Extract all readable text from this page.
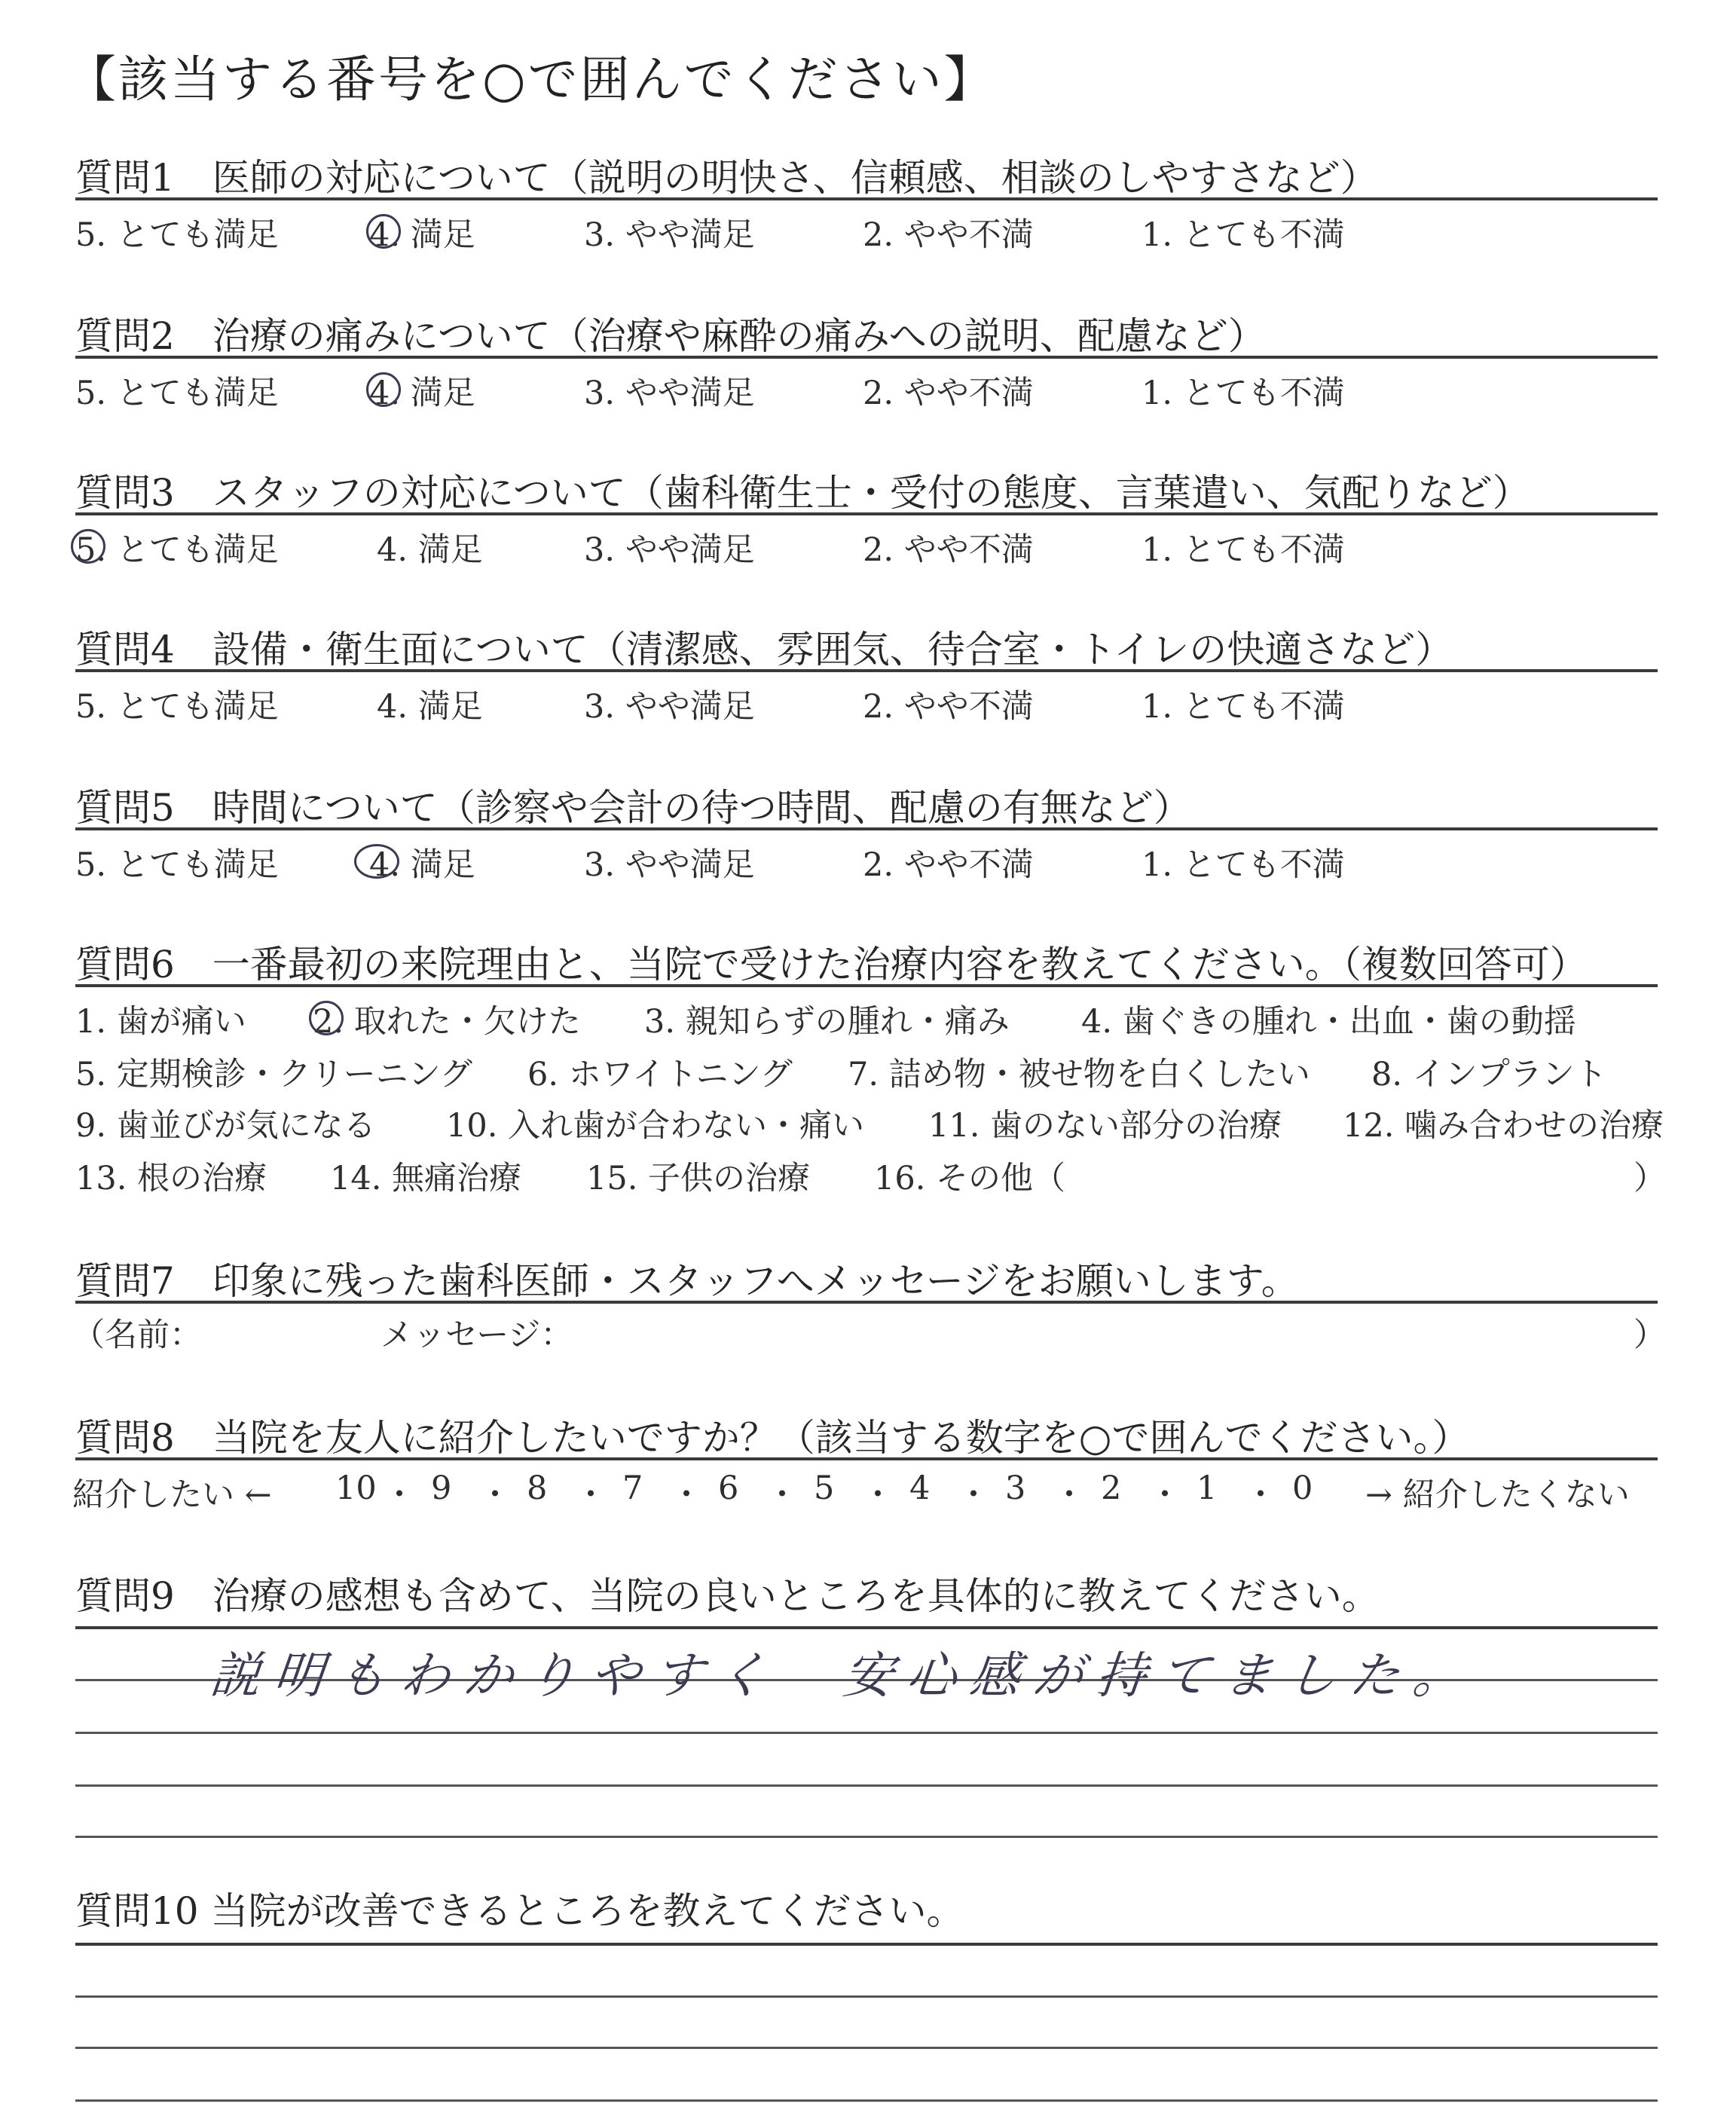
【該当する番号を○で囲んでください】
質問1　医師の対応について（説明の明快さ、信頼感、相談のしやすさなど）
5. とても満足	4. 満足	3. やや満足	2. やや不満	1. とても不満
質問2　治療の痛みについて（治療や麻酔の痛みへの説明、配慮など）
5. とても満足	4. 満足	3. やや満足	2. やや不満	1. とても不満
質問3　スタッフの対応について（歯科衛生士・受付の態度、言葉遣い、気配りなど）
5. とても満足	4. 満足	3. やや満足	2. やや不満	1. とても不満
質問4　設備・衛生面について（清潔感、雰囲気、待合室・トイレの快適さなど）
5. とても満足	4. 満足	3. やや満足	2. やや不満	1. とても不満
質問5　時間について（診察や会計の待つ時間、配慮の有無など）
5. とても満足	4. 満足	3. やや満足	2. やや不満	1. とても不満
質問6　一番最初の来院理由と、当院で受けた治療内容を教えてください。（複数回答可）
1. 歯が痛い 2. 取れた・欠けた 3. 親知らずの腫れ・痛み 4. 歯ぐきの腫れ・出血・歯の動揺
5. 定期検診・クリーニング 6. ホワイトニング 7. 詰め物・被せ物を白くしたい 8. インプラント
9. 歯並びが気になる 10. 入れ歯が合わない・痛い 11. 歯のない部分の治療 12. 噛み合わせの治療
13. 根の治療 14. 無痛治療 15. 子供の治療 16. その他（	）
質問7　印象に残った歯科医師・スタッフへメッセージをお願いします。
（名前：	メッセージ：	）
質問8　当院を友人に紹介したいですか？（該当する数字を○で囲んでください。）
紹介したい ← 10 ・ 9 ・ 8 ・ 7 ・ 6 ・ 5 ・ 4 ・ 3 ・ 2 ・ 1 ・ 0 → 紹介したくない
質問9　治療の感想も含めて、当院の良いところを具体的に教えてください。
説明もわかりやすく　安心感が持てました。
質問10 当院が改善できるところを教えてください。
